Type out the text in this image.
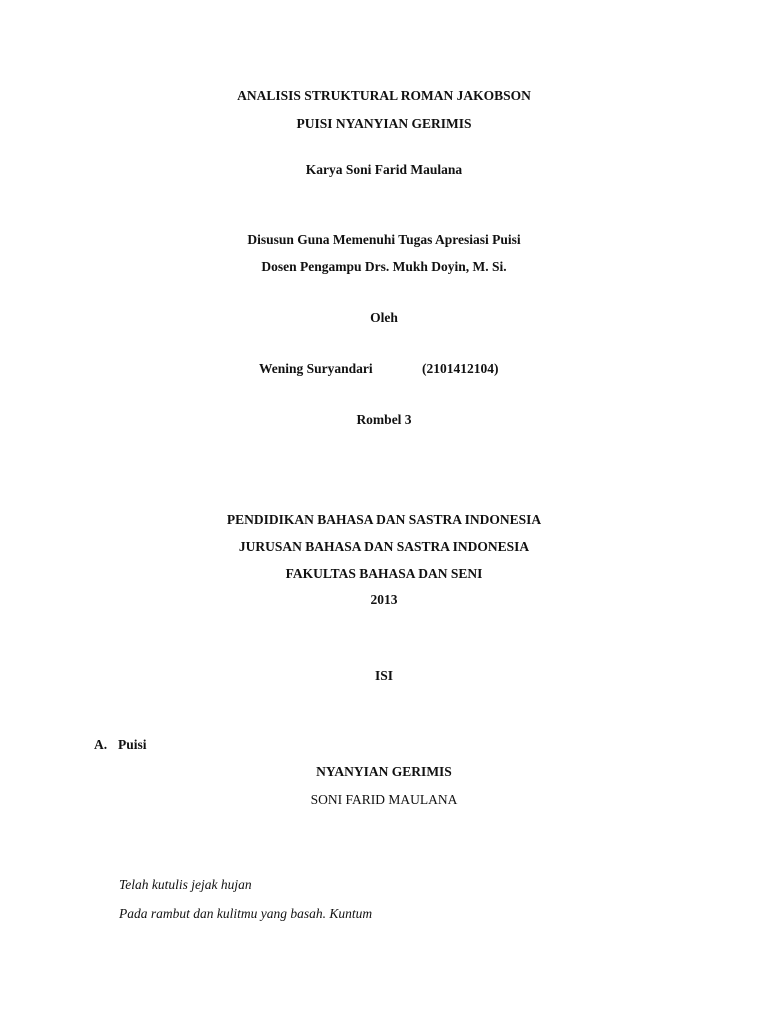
ANALISIS STRUKTURAL ROMAN JAKOBSON
PUISI NYANYIAN GERIMIS
Karya Soni Farid Maulana
Disusun Guna Memenuhi Tugas Apresiasi Puisi
Dosen Pengampu Drs. Mukh Doyin, M. Si.
Oleh
Wening Suryandari	(2101412104)
Rombel 3
PENDIDIKAN BAHASA DAN SASTRA INDONESIA
JURUSAN BAHASA DAN SASTRA INDONESIA
FAKULTAS BAHASA DAN SENI
2013
ISI
A. Puisi
NYANYIAN GERIMIS
SONI FARID MAULANA
Telah kutulis jejak hujan
Pada rambut dan kulitmu yang basah. Kuntum
